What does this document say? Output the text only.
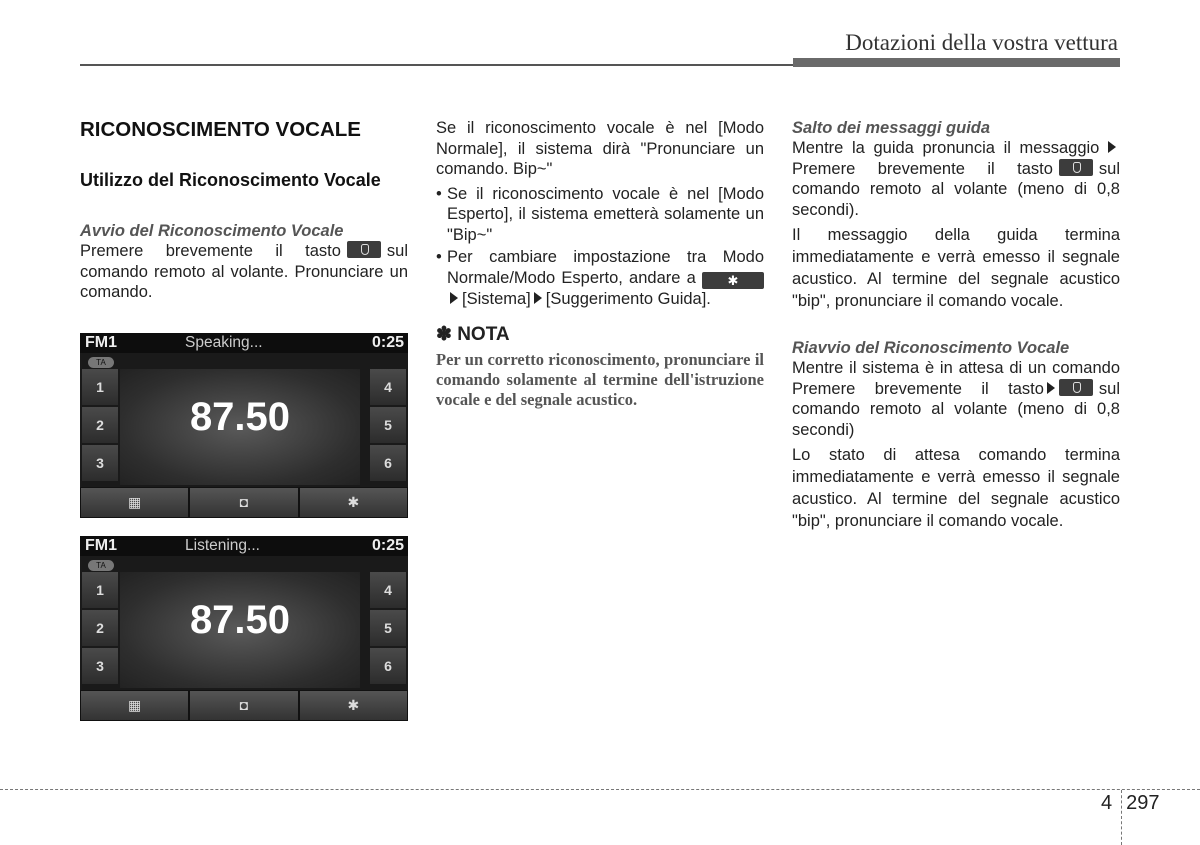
Dotazioni della vostra vettura
RICONOSCIMENTO VOCALE
Utilizzo del Riconoscimento Vocale

Avvio del Riconoscimento Vocale

Premere brevemente il tasto	sul comando remoto al volante. Pronunciare un comando.

FM1	Speaking...	0:25
TA
1
2
3
87.50
4
5
6
▦	◘	✱
FM1	Listening...	0:25
TA
1
2
3
87.50
4
5
6
▦	◘	✱

Se il riconoscimento vocale è nel [Modo Normale], il sistema dirà "Pronunciare un comando. Bip~"

• Se il riconoscimento vocale è nel [Modo Esperto], il sistema emetterà solamente un "Bip~"
• Per cambiare impostazione tra Modo Normale/Modo Esperto, andare a ✱[Sistema] [Suggerimento Guida].
✽ NOTA

Per un corretto riconoscimento, pronunciare il comando solamente al termine dell'istruzione vocale e del segnale acustico.

Salto dei messaggi guida

Mentre la guida pronuncia il messaggio Premere brevemente il tasto	sul comando remoto al volante (meno di 0,8 secondi).

Il messaggio della guida termina immediatamente e verrà emesso il segnale acustico. Al termine del segnale acustico "bip", pronunciare il comando vocale.

Riavvio del Riconoscimento Vocale

Mentre il sistema è in attesa di un comando Premere brevemente il tasto	sul comando remoto al volante (meno di 0,8 secondi)

Lo stato di attesa comando termina immediatamente e verrà emesso il segnale acustico. Al termine del segnale acustico "bip", pronunciare il comando vocale.

4 297
